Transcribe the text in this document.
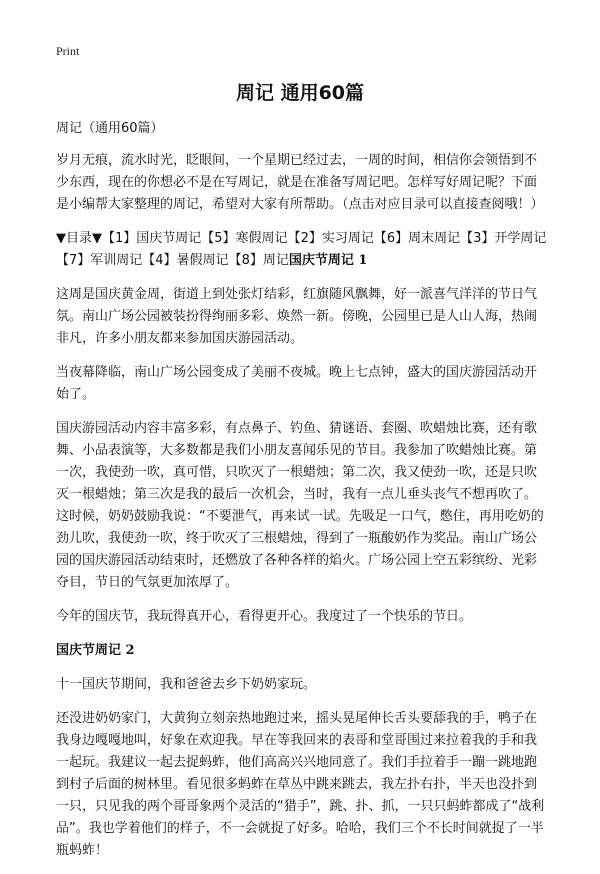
Print
周记 通用60篇

周记（通用60篇）

岁月无痕，流水时光，眨眼间，一个星期已经过去，一周的时间，相信你会领悟到不少东西，现在的你想必不是在写周记，就是在准备写周记吧。怎样写好周记呢？下面是小编帮大家整理的周记，希望对大家有所帮助。（点击对应目录可以直接查阅哦！）

▼目录▼【1】国庆节周记【5】寒假周记【2】实习周记【6】周末周记【3】开学周记【7】军训周记【4】暑假周记【8】周记国庆节周记 1

这周是国庆黄金周，街道上到处张灯结彩，红旗随风飘舞，好一派喜气洋洋的节日气氛。南山广场公园被装扮得绚丽多彩、焕然一新。傍晚，公园里已是人山人海，热闹非凡，许多小朋友都来参加国庆游园活动。

当夜幕降临，南山广场公园变成了美丽不夜城。晚上七点钟，盛大的国庆游园活动开始了。

国庆游园活动内容丰富多彩，有点鼻子、钓鱼、猜谜语、套圈、吹蜡烛比赛，还有歌舞、小品表演等，大多数都是我们小朋友喜闻乐见的节目。我参加了吹蜡烛比赛。第一次，我使劲一吹，真可惜，只吹灭了一根蜡烛；第二次，我又使劲一吹，还是只吹灭一根蜡烛；第三次是我的最后一次机会，当时，我有一点儿垂头丧气不想再吹了。这时候，奶奶鼓励我说：“不要泄气，再来试一试。先吸足一口气，憋住，再用吃奶的劲儿吹，我使劲一吹，终于吹灭了三根蜡烛，得到了一瓶酸奶作为奖品。南山广场公园的国庆游园活动结束时，还燃放了各种各样的焰火。广场公园上空五彩缤纷、光彩夺目，节日的气氛更加浓厚了。

今年的国庆节，我玩得真开心，看得更开心。我度过了一个快乐的节日。

国庆节周记 2

十一国庆节期间，我和爸爸去乡下奶奶家玩。

还没进奶奶家门，大黄狗立刻亲热地跑过来，摇头晃尾伸长舌头要舔我的手，鸭子在我身边嘎嘎地叫，好象在欢迎我。早在等我回来的表哥和堂哥围过来拉着我的手和我一起玩。我建议一起去捉蚂蚱，他们高高兴兴地同意了。我们手拉着手一蹦一跳地跑到村子后面的树林里。看见很多蚂蚱在草丛中跳来跳去，我左扑右扑，半天也没扑到一只，只见我的两个哥哥象两个灵活的“猎手”，跳、扑、抓，一只只蚂蚱都成了“战利品”。我也学着他们的样子，不一会就捉了好多。哈哈，我们三个不长时间就捉了一半瓶蚂蚱！
